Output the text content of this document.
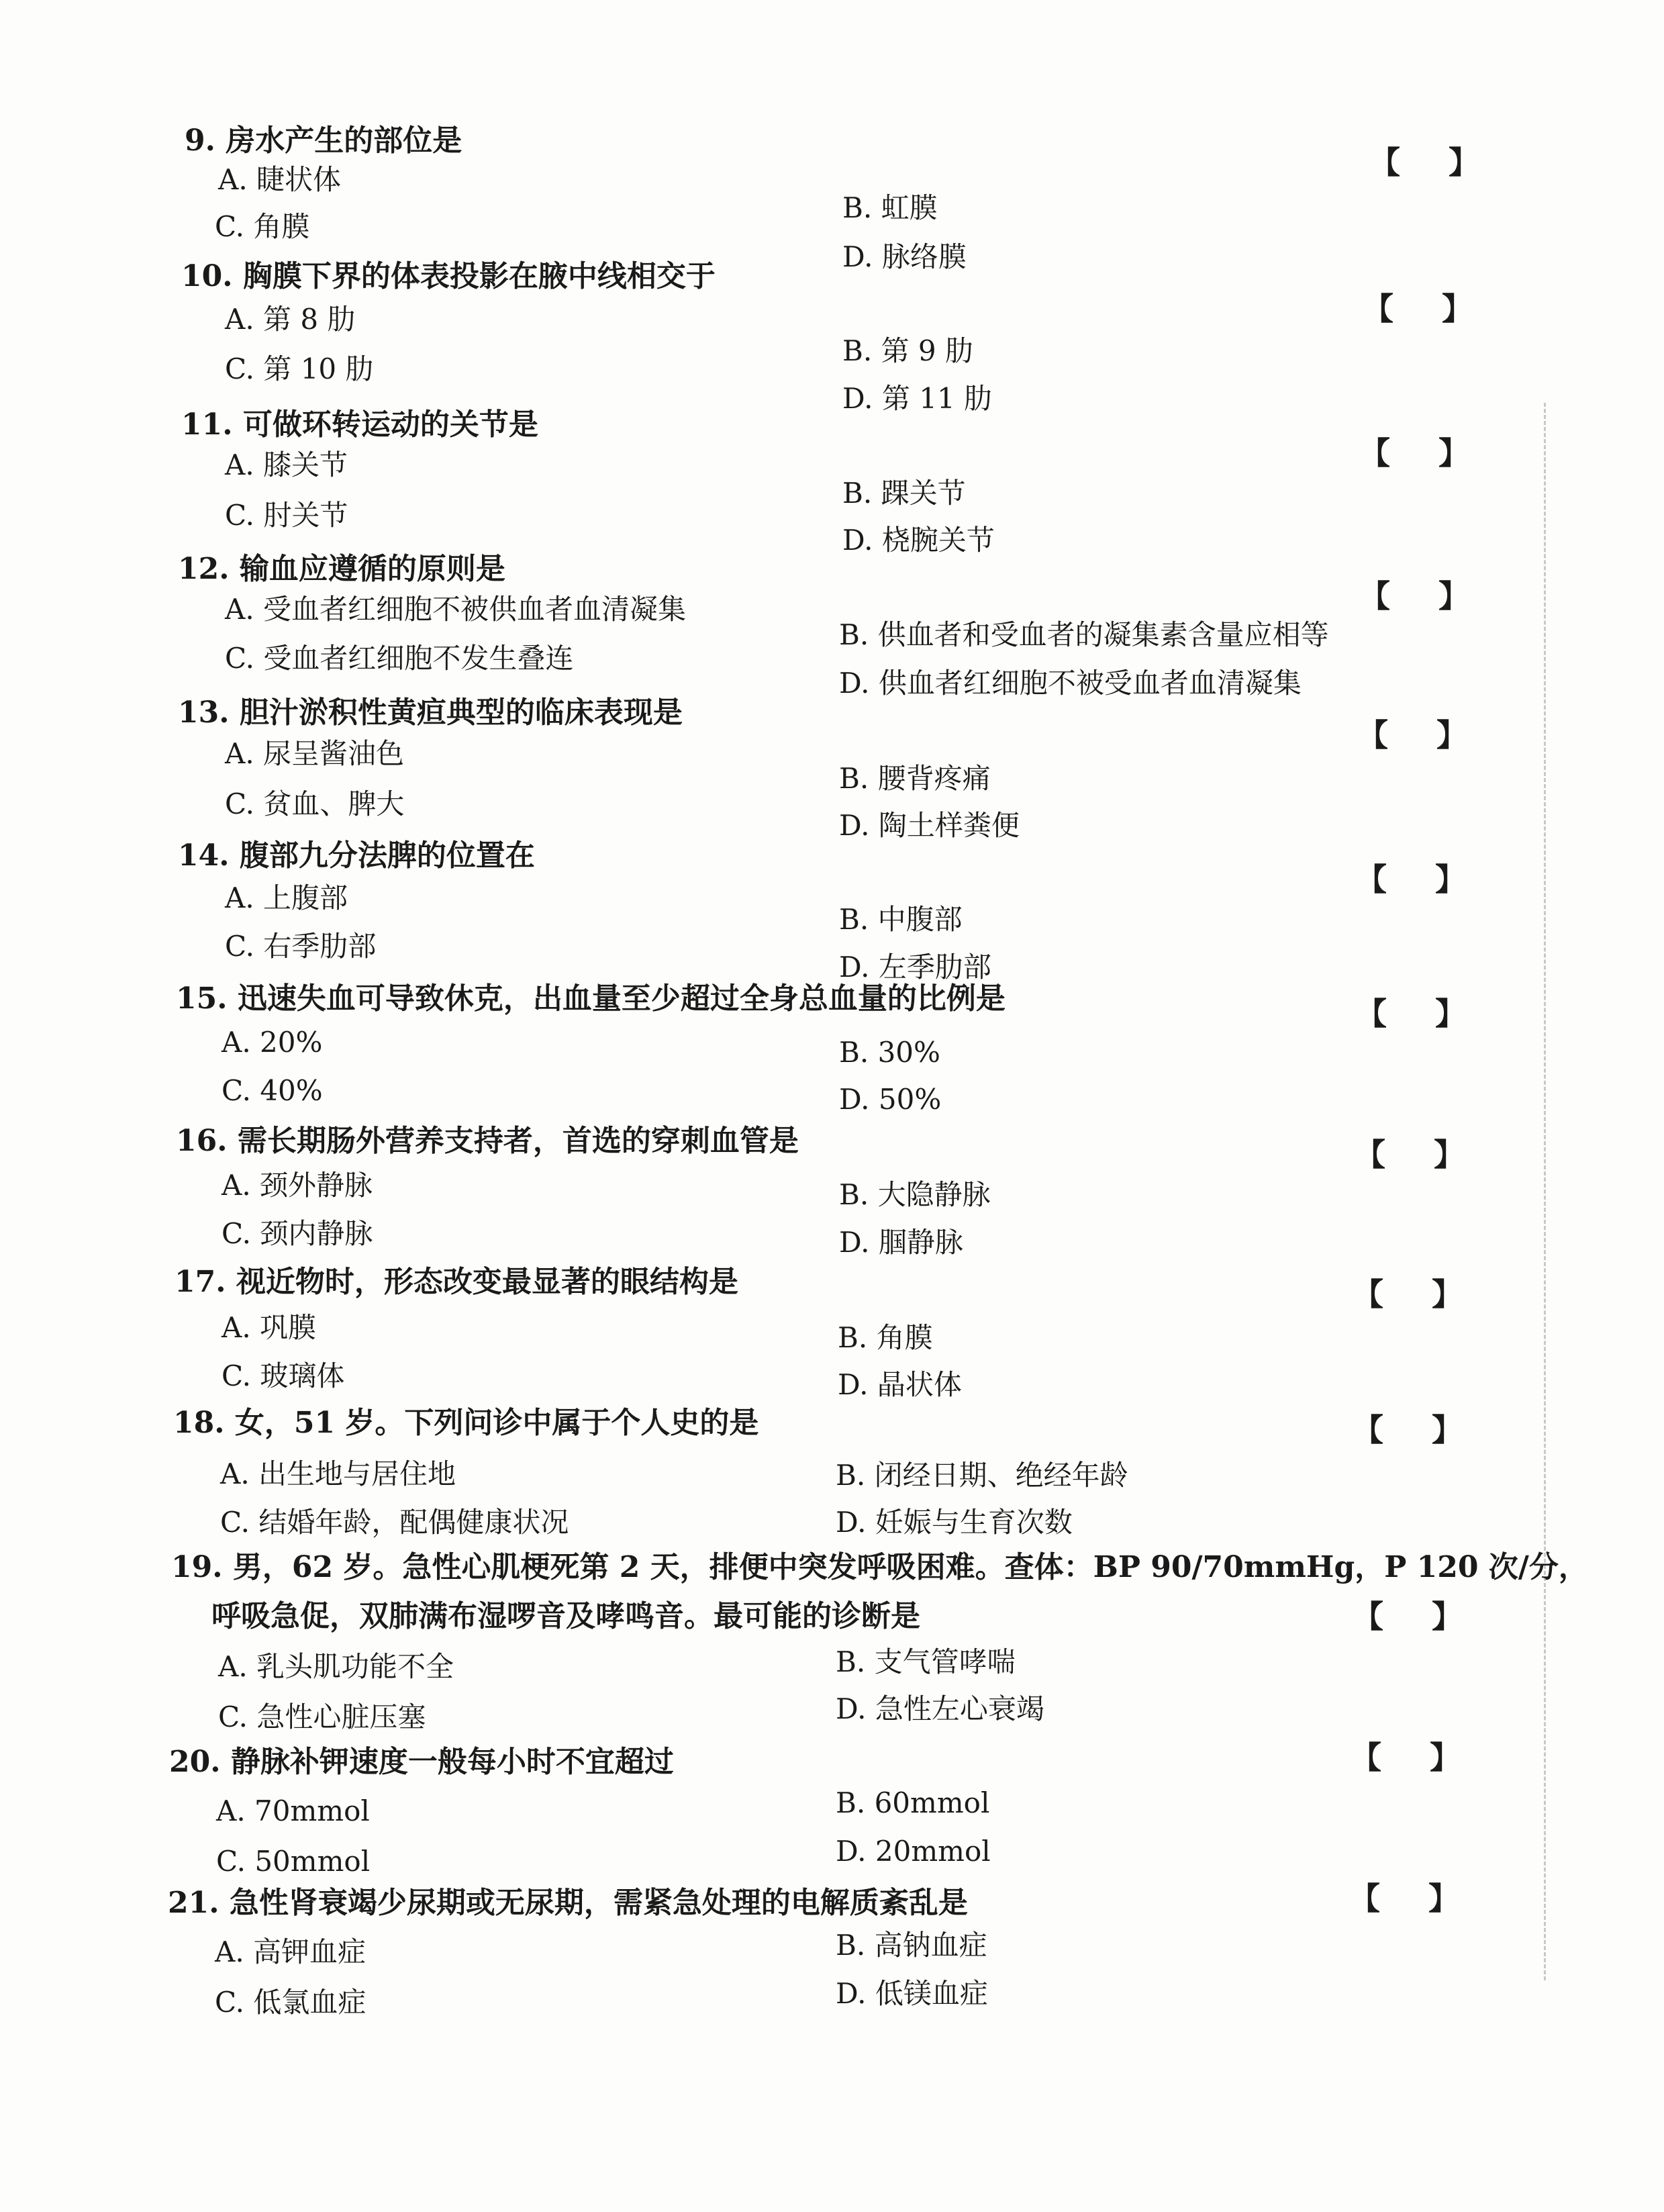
9. 房水产生的部位是
【 】
A. 睫状体
C. 角膜
B. 虹膜
D. 脉络膜
10. 胸膜下界的体表投影在腋中线相交于
【 】
A. 第 8 肋
C. 第 10 肋
B. 第 9 肋
D. 第 11 肋
11. 可做环转运动的关节是
【 】
A. 膝关节
C. 肘关节
B. 踝关节
D. 桡腕关节
12. 输血应遵循的原则是
【 】
A. 受血者红细胞不被供血者血清凝集
C. 受血者红细胞不发生叠连
B. 供血者和受血者的凝集素含量应相等
D. 供血者红细胞不被受血者血清凝集
13. 胆汁淤积性黄疸典型的临床表现是
【 】
A. 尿呈酱油色
C. 贫血、脾大
B. 腰背疼痛
D. 陶土样粪便
14. 腹部九分法脾的位置在
【 】
A. 上腹部
C. 右季肋部
B. 中腹部
D. 左季肋部
15. 迅速失血可导致休克，出血量至少超过全身总血量的比例是	【 】
A. 20%
C. 40%
B. 30%
D. 50%
16. 需长期肠外营养支持者，首选的穿刺血管是	【 】
A. 颈外静脉
C. 颈内静脉
B. 大隐静脉
D. 腘静脉
17. 视近物时，形态改变最显著的眼结构是	【 】
A. 巩膜
C. 玻璃体
B. 角膜
D. 晶状体
18. 女，51 岁。下列问诊中属于个人史的是	【 】
A. 出生地与居住地
C. 结婚年龄，配偶健康状况
B. 闭经日期、绝经年龄
D. 妊娠与生育次数
19. 男，62 岁。急性心肌梗死第 2 天，排便中突发呼吸困难。查体：BP 90/70mmHg，P 120 次/分，
呼吸急促，双肺满布湿啰音及哮鸣音。最可能的诊断是	【 】
A. 乳头肌功能不全
C. 急性心脏压塞
B. 支气管哮喘
D. 急性左心衰竭
20. 静脉补钾速度一般每小时不宜超过	【 】
A. 70mmol
C. 50mmol
B. 60mmol
D. 20mmol
21. 急性肾衰竭少尿期或无尿期，需紧急处理的电解质紊乱是	【 】
A. 高钾血症
C. 低氯血症
B. 高钠血症
D. 低镁血症
